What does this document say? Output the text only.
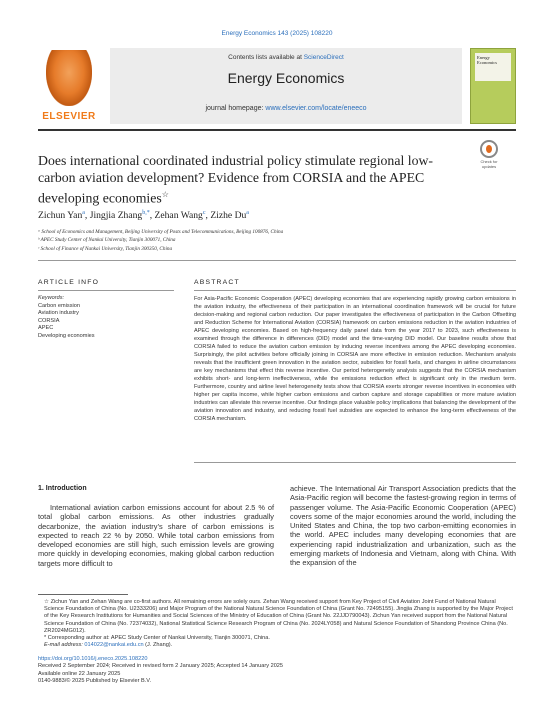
Energy Economics 143 (2025) 108220
ELSEVIER
Contents lists available at ScienceDirect
Energy Economics
journal homepage: www.elsevier.com/locate/eneeco
Energy Economics
Check for updates
Does international coordinated industrial policy stimulate regional low-carbon aviation development? Evidence from CORSIA and the APEC developing economies☆
Zichun Yan$^a$, Jingjia Zhang$^{b,*}$, Zehan Wang$^c$, Zizhe Du$^a$
ᵃ School of Economics and Management, Beijing University of Posts and Telecommunications, Beijing 100876, China
ᵇ APEC Study Center of Nankai University, Tianjin 300071, China
ᶜ School of Finance of Nankai University, Tianjin 300350, China
ARTICLE INFO	ABSTRACT
Keywords:
Carbon emission
Aviation industry
CORSIA
APEC
Developing economies
For Asia-Pacific Economic Cooperation (APEC) developing economies that are experiencing rapidly growing carbon emissions in the aviation industry, the effectiveness of their participation in an international coordination framework will be crucial for future decision-making and regional carbon reduction. Our paper investigates the effectiveness of participation in the Carbon Offsetting and Reduction Scheme for International Aviation (CORSIA) framework on carbon emissions reduction in the aviation industries of APEC developing economies. Based on high-frequency daily panel data from the year 2017 to 2023, such effectiveness is examined through the difference in differences (DID) model and the time-varying DID model. Our baseline results show that CORSIA failed to reduce the aviation carbon emission by inducing reverse incentives among the APEC developing economies. Surprisingly, the pilot activities before officially joining in CORSIA are more effective in emission reduction. Mechanism analysis reveals that the insufficient green innovation in the aviation sector, subsidies for fossil fuels, and changes in airline circumstances are key mechanisms that effect this reverse incentive. Our period heterogeneity analysis suggests that the CORSIA mechanism exhibits short- and long-term ineffectiveness, while the emissions reduction effect is significant only in the medium term. Furthermore, country and airline level heterogeneity tests show that CORSIA exerts stronger reverse incentives in economies with higher per capita income, while higher carbon emissions and carbon capture and storage capabilities or more mature aviation industries can alleviate this reverse incentive. Our findings place valuable policy implications that balancing the development of the aviation innovation and industry, and reducing fossil fuel subsidies are expected to enhance the long-term effectiveness of the CORSIA mechanism.
1. Introduction
International aviation carbon emissions account for about 2.5 % of total global carbon emissions. As other industries gradually decarbonize, the aviation industry’s share of carbon emissions is expected to reach 22 % by 2050. While total carbon emissions from developed economies are still high, such emission levels are growing more quickly in developing economies, making global carbon reduction targets more difficult to
achieve. The International Air Transport Association predicts that the Asia-Pacific region will become the fastest-growing region in terms of passenger volume. The Asia-Pacific Economic Cooperation (APEC) covers some of the major economies around the world, including the United States and China, the top two carbon-emitting economies in the world. APEC includes many developing economies that are experiencing rapid industrialization and urbanization, such as the emerging markets of Indonesia and Vietnam, along with China. With the expansion of the

☆ Zichun Yan and Zehan Wang are co-first authors. All remaining errors are solely ours. Zehan Wang received support from Key Project of Civil Aviation Joint Fund of National Natural Science Foundation of China (No. U2333206) and Major Program of the National Natural Science Foundation of China (Grant No. 72495155). Jingjia Zhang is supported by the Major Project of the Key Research Institutions for Humanities and Social Sciences of the Ministry of Education of China (Grant No. 22JJD790043). Zichun Yan received support from the National Natural Science Foundation of China (No. 72374032), National Statistical Science Research Program of China (No. 2024LY058) and Natural Science Foundation of Shandong Province China (No. ZR2024MG012).

* Corresponding author at: APEC Study Center of Nankai University, Tianjin 300071, China.

E-mail address: 014022@nankai.edu.cn (J. Zhang).

https://doi.org/10.1016/j.eneco.2025.108220
Received 2 September 2024; Received in revised form 2 January 2025; Accepted 14 January 2025
Available online 22 January 2025
0140-9883/© 2025 Published by Elsevier B.V.
